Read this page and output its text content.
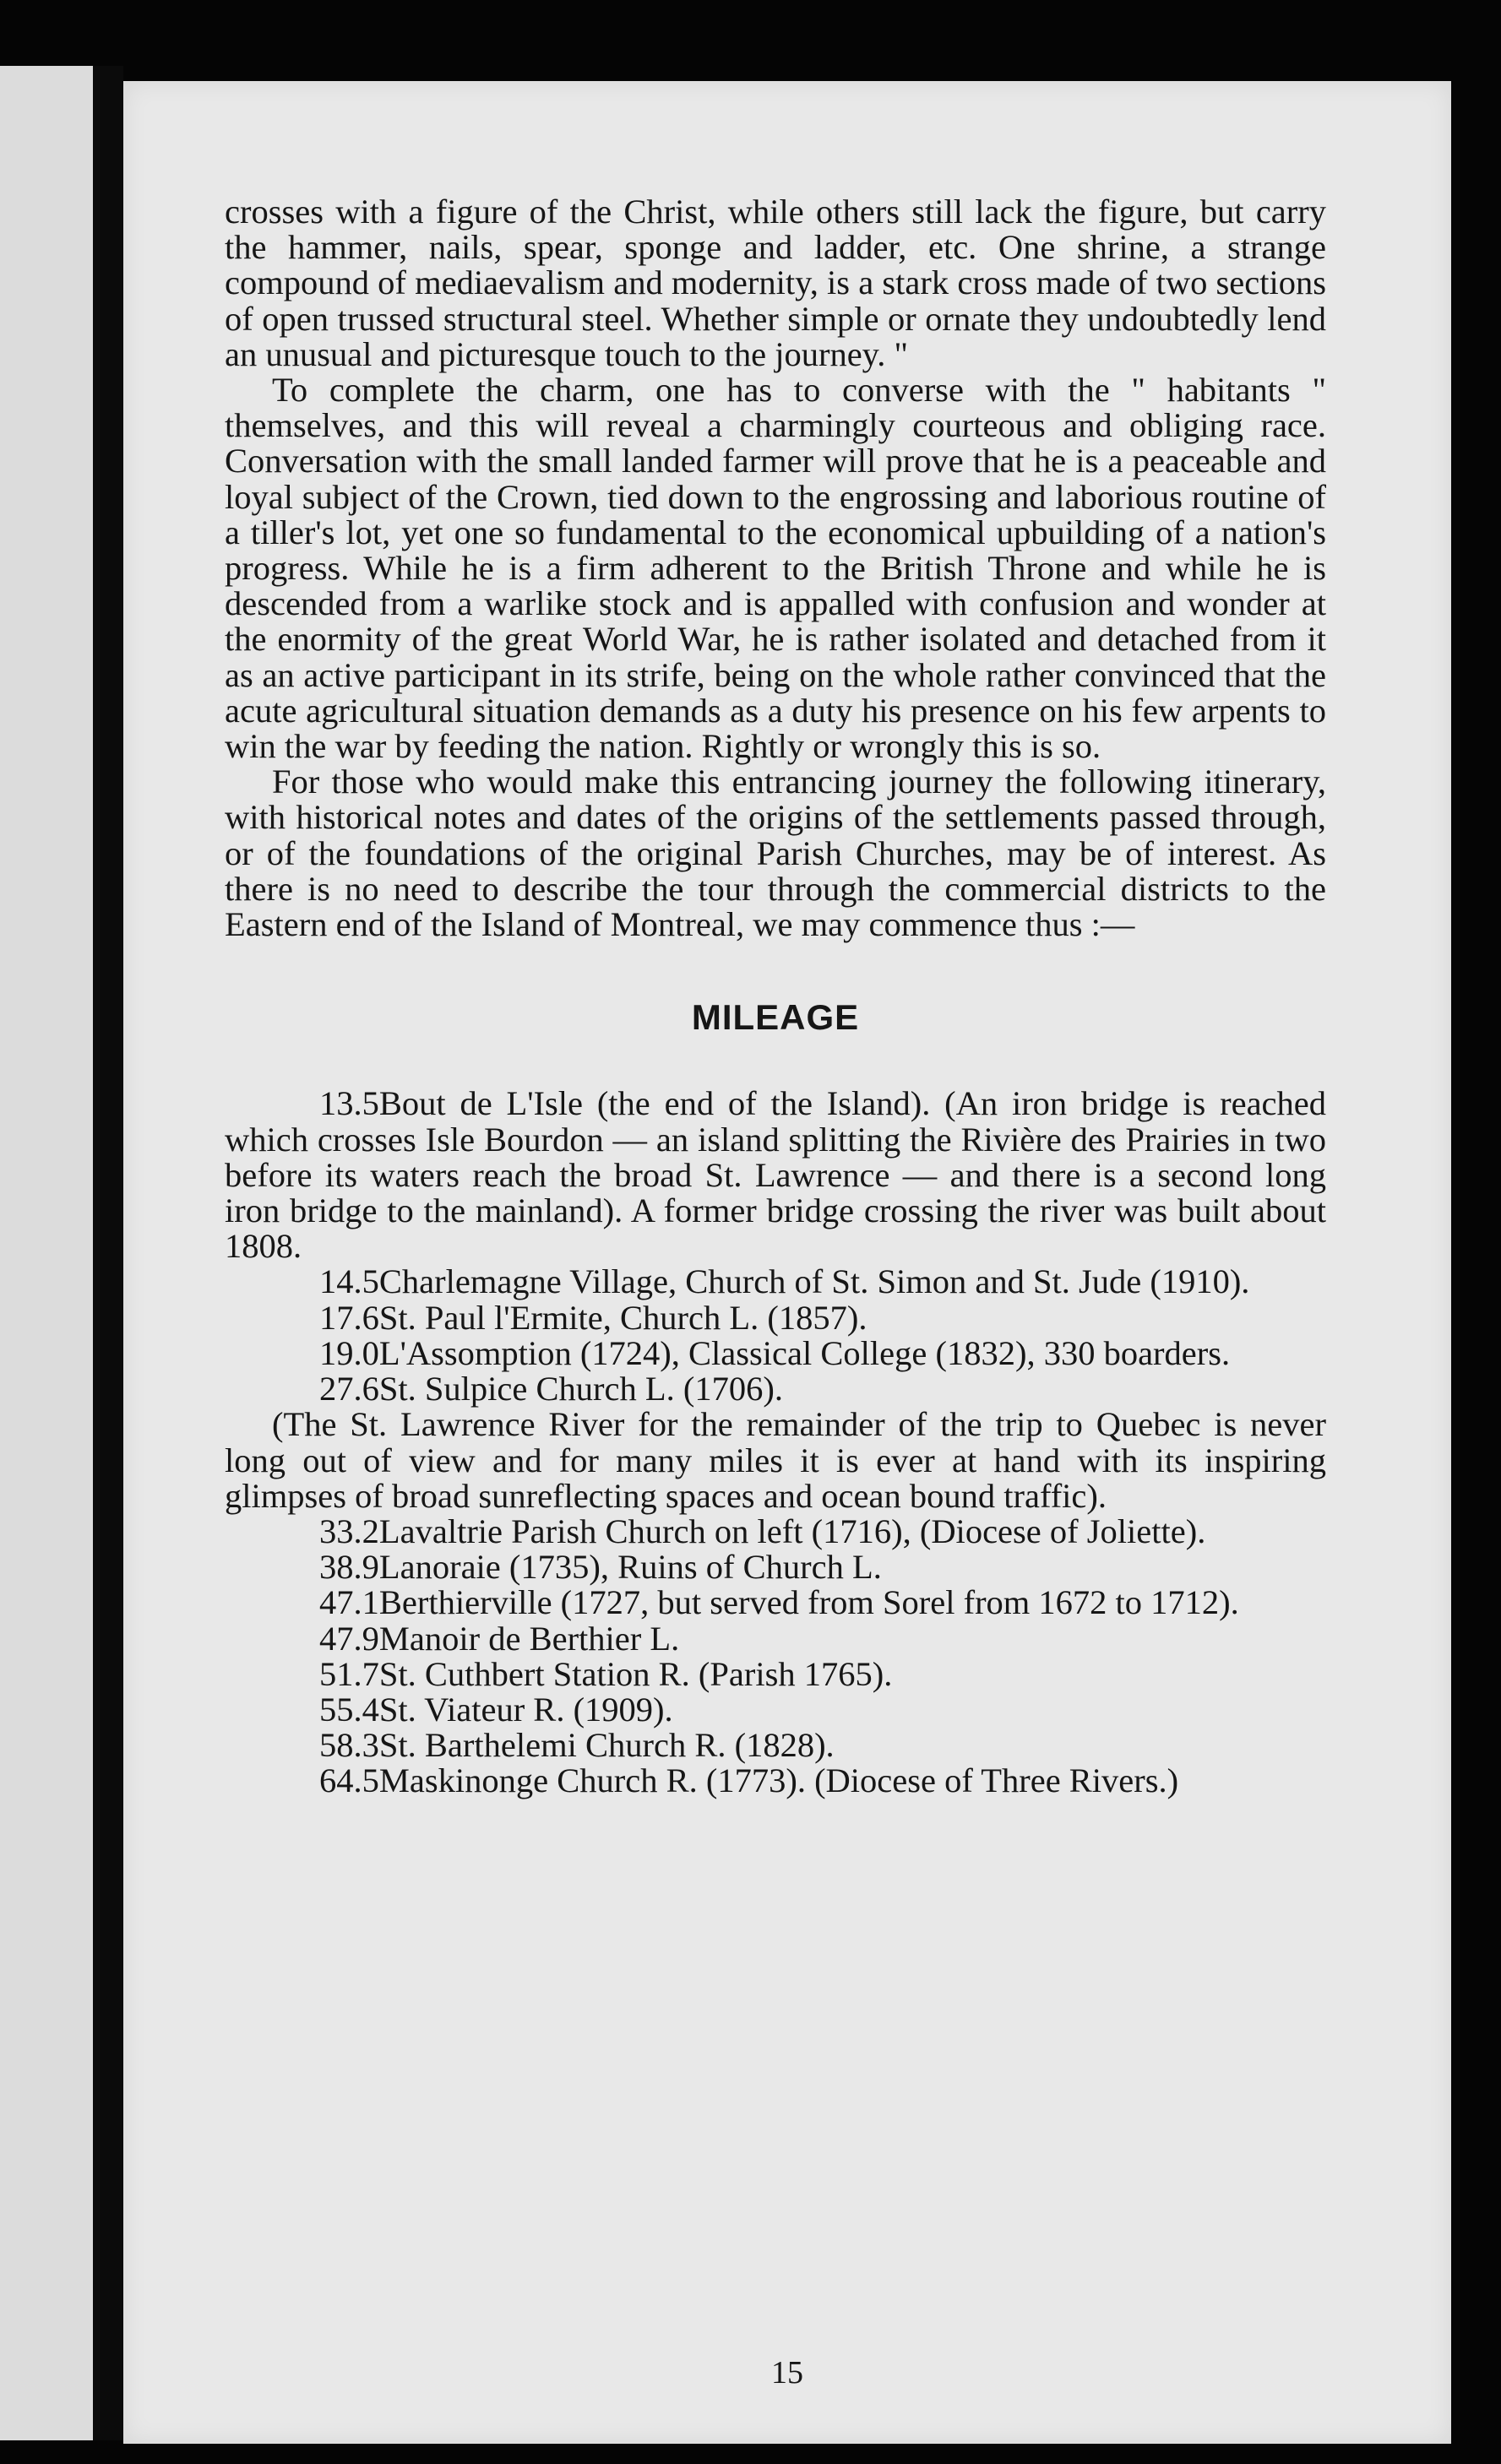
crosses with a figure of the Christ, while others still lack the figure, but carry the hammer, nails, spear, sponge and ladder, etc. One shrine, a strange compound of mediaevalism and modernity, is a stark cross made of two sections of open trussed structural steel. Whether simple or ornate they undoubtedly lend an unusual and picturesque touch to the journey. "

To complete the charm, one has to converse with the " habitants " themselves, and this will reveal a charmingly courteous and obliging race. Conversation with the small landed farmer will prove that he is a peaceable and loyal subject of the Crown, tied down to the engrossing and laborious routine of a tiller's lot, yet one so fundamental to the economical upbuilding of a nation's progress. While he is a firm adherent to the British Throne and while he is descended from a warlike stock and is appalled with confusion and wonder at the enormity of the great World War, he is rather isolated and detached from it as an active participant in its strife, being on the whole rather convinced that the acute agricultural situation demands as a duty his presence on his few arpents to win the war by feeding the nation. Rightly or wrongly this is so.

For those who would make this entrancing journey the following itinerary, with historical notes and dates of the origins of the settlements passed through, or of the foundations of the original Parish Churches, may be of interest. As there is no need to describe the tour through the commercial districts to the Eastern end of the Island of Montreal, we may commence thus :—

MILEAGE

13.5Bout de L'Isle (the end of the Island). (An iron bridge is reached which crosses Isle Bourdon — an island splitting the Rivière des Prairies in two before its waters reach the broad St. Lawrence — and there is a second long iron bridge to the mainland). A former bridge crossing the river was built about 1808.

14.5Charlemagne Village, Church of St. Simon and St. Jude (1910).

17.6St. Paul l'Ermite, Church L. (1857).

19.0L'Assomption (1724), Classical College (1832), 330 boarders.

27.6St. Sulpice Church L. (1706).

(The St. Lawrence River for the remainder of the trip to Quebec is never long out of view and for many miles it is ever at hand with its inspiring glimpses of broad sunreflecting spaces and ocean bound traffic).

33.2Lavaltrie Parish Church on left (1716), (Diocese of Joliette).

38.9Lanoraie (1735), Ruins of Church L.

47.1Berthierville (1727, but served from Sorel from 1672 to 1712).

47.9Manoir de Berthier L.

51.7St. Cuthbert Station R. (Parish 1765).

55.4St. Viateur R. (1909).

58.3St. Barthelemi Church R. (1828).

64.5Maskinonge Church R. (1773). (Diocese of Three Rivers.)

15
